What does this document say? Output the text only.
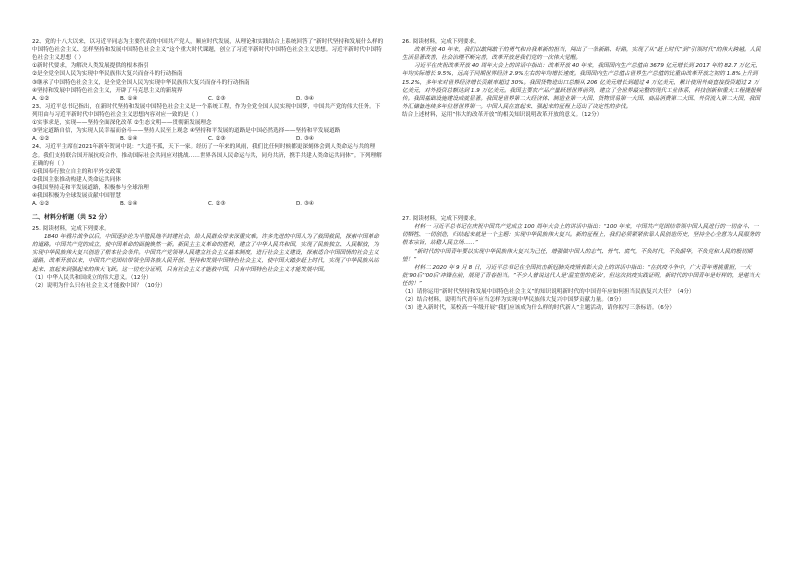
22、党的十八大以来，以习近平同志为主要代表的中国共产党人，顺应时代发展，从理论和实践结合上系统回答了“新时代坚持和发展什么样的中国特色社会主义、怎样坚持和发展中国特色社会主义”这个重大时代课题，创立了习近平新时代中国特色社会主义思想。习近平新时代中国特色社会主义思想（ ）

①新时代要求，为解决人类发展提供的根本指引

②是全党全国人民为实现中华民族伟大复兴而奋斗的行动指南

③继承了中国特色社会主义，是全党全国人民为实现中华民族伟大复兴而奋斗的行动指南

④坚持和发展中国特色社会主义，开辟了马克思主义的新境界

A. ①②	B. ①④	C. ②③	D. ③④

23、习近平总书记指出，在新时代坚持和发展中国特色社会主义是一个系统工程，作为全党全国人民实现中国梦，中国共产党的伟大任务。下列用由与习近平新时代中国特色社会主义思想内容对应一致的是（ ）

①实事求是，实现——坚持全面深化改革 ②生态文明——贯彻新发展理念

③坚定道路自信，为实现人民幸福而奋斗——坚持人民至上观念 ④坚持和平发展的道路是中国必然选择——坚持和平发展道路

A. ①②	B. ①④	C. ②③	D. ③④

24、习近平主席在2021年新年贺词中说：“大道不孤，天下一家。经历了一年来的风雨，我们比任何时候都更深刻体会到人类命运与共的理念。我们支持联合国开展抗疫合作，推动国际社会共同应对挑战……世界各国人民命运与共，同舟共济，携手共建人类命运共同体”。下列理解正确的有（ ）

①我国奉行独立自主的和平外交政策

②我国主张推动构建人类命运共同体

③我国坚持走和平发展道路，积极参与全球治理

④我国积极为全球发展贡献中国智慧

A. ①②	B. ①④	C. ②③	D. ③④

二、材料分析题（共 52 分）

25. 阅读材料，完成下列要求。

1840 年鸦片战争以后，中国逐步沦为半殖民地半封建社会，给人民群众带来深重灾难。许多先进的中国人为了救国救民，探索中国革命的道路。中国共产党的成立，使中国革命的面貌焕然一新。新民主主义革命的胜利，建立了中华人民共和国，实现了民族独立、人民解放，为实现中华民族伟大复兴创造了根本社会条件。中国共产党领导人民建立社会主义基本制度，进行社会主义建设，探索适合中国国情的社会主义道路，改革开放以来，中国共产党团结带领全国各族人民开创、坚持和发展中国特色社会主义，使中国大踏步赶上时代，实现了中华民族从站起来、富起来到强起来的伟大飞跃。这一切充分证明，只有社会主义才能救中国，只有中国特色社会主义才能发展中国。

（1）中华人民共和国成立的伟大意义。（12分）

（2）说明为什么只有社会主义才能救中国？（10分）

26. 阅读材料，完成下列要求。

改革开放 40 年来，我们以敢闯敢干的勇气和自我革新的担当，闯出了一条新路、好路，实现了从“赶上时代”到“引领时代”的伟大跨越。人民生活显著改善，社会治理不断完善，改革开放是我们党的一次伟大觉醒。

习近平在庆祝改革开放 40 周年大会上的讲话中指出：改革开放 40 年来，我国国内生产总值由 3679 亿元增长到 2017 年的 82.7 万亿元，年均实际增长 9.5%，远高于同期世界经济 2.9%左右的年均增长速度。我国国内生产总值占世界生产总值的比重由改革开放之初的 1.8%上升到 15.2%，多年来对世界经济增长贡献率超过 30%。我国货物进出口总额从 206 亿美元增长到超过 4 万亿美元，累计使用外商直接投资超过 2 万亿美元，对外投资总额达到 1.9 万亿美元。我国主要农产品产量跃居世界前列，建立了全世界最完整的现代工业体系，科技创新和重大工程捷报频传。我国基础设施建设成就显著。我国是世界第二大经济体、制造业第一大国、货物贸易第一大国、商品消费第二大国、外资流入第二大国，我国外汇储备连续多年位居世界第一。中国人民在富起来、强起来的征程上迈出了决定性的步伐。

结合上述材料，运用“伟大的改革开放”的相关知识说明改革开放的意义。（12分）

27. 阅读材料，完成下列要求。

材料一 习近平总书记在庆祝中国共产党成立 100 周年大会上的讲话中指出：“100 年来，中国共产党团结带领中国人民进行的一切奋斗、一切牺牲、一切创造，归结起来就是一个主题：实现中华民族伟大复兴。新的征程上，我们必须紧紧依靠人民创造历史，坚持全心全意为人民服务的根本宗旨，站稳人民立场……”

“新时代的中国青年要以实现中华民族伟大复兴为己任，增强做中国人的志气、骨气、底气，不负时代，不负韶华，不负党和人民的殷切期望！”

材料二 2020 年 9 月 8 日，习近平总书记在全国抗击新冠肺炎疫情表彰大会上的讲话中指出：“在抗疫斗争中，广大青年勇挑重担，一大批‘90后’‘00后’冲锋在前，展现了青春担当。”不少人曾说这代人是‘温室里的花朵’，但这次抗疫实践证明，新时代的中国青年是好样的，是堪当大任的！”

（1）请你运用“新时代坚持和发展中国特色社会主义”的知识说明新时代的中国青年应如何担当民族复兴大任？（4分）

（2）结合材料，说明当代青年应当怎样为实现中华民族伟大复兴中国梦贡献力量。（8分）

（3）进入新时代，某校高一年级开展“我们应该成为什么样的时代新人”主题活动，请你拟写三条标语。（6分）
